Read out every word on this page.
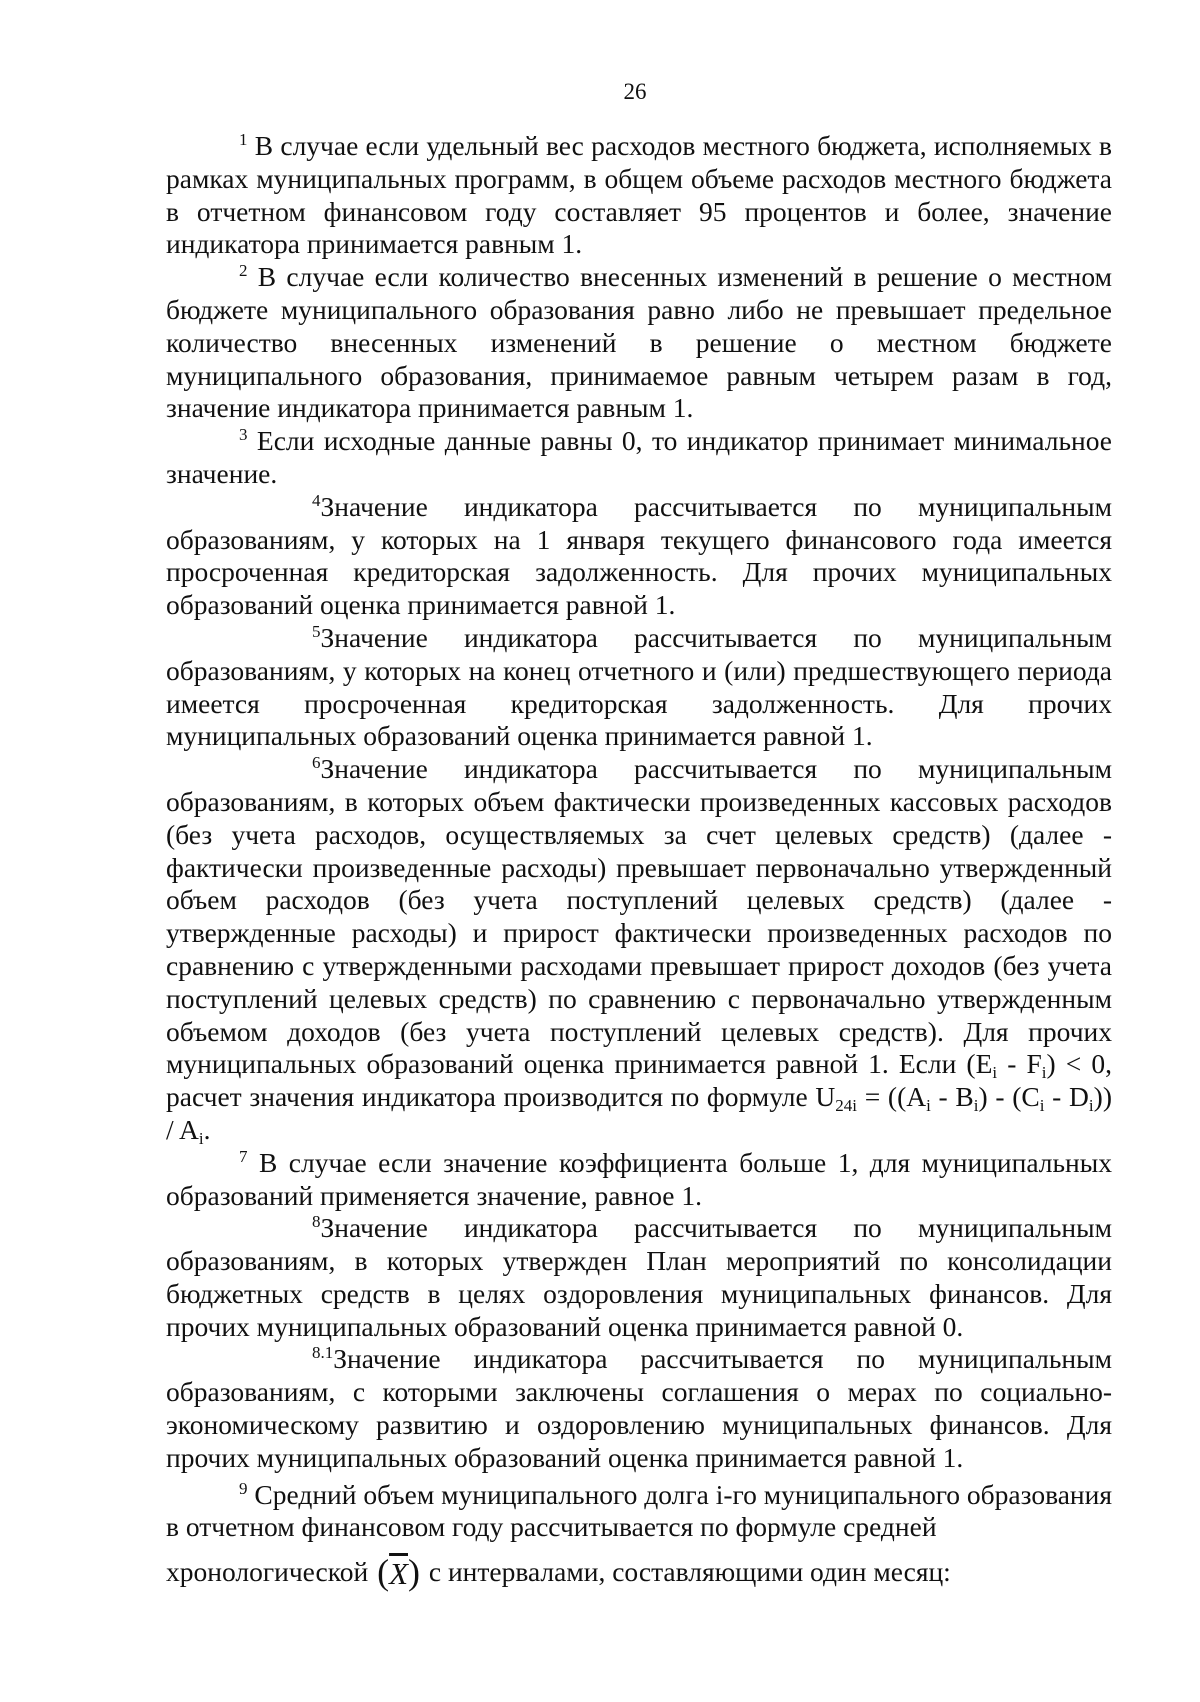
26

$^1$ В случае если удельный вес расходов местного бюджета, исполняемых в рамках муниципальных программ, в общем объеме расходов местного бюджета в отчетном финансовом году составляет 95 процентов и более, значение индикатора принимается равным 1.

$^2$ В случае если количество внесенных изменений в решение о местном бюджете муниципального образования равно либо не превышает предельное количество внесенных изменений в решение о местном бюджете муниципального образования, принимаемое равным четырем разам в год, значение индикатора принимается равным 1.

$^3$ Если исходные данные равны 0, то индикатор принимает минимальное значение.

$^4$Значение индикатора рассчитывается по муниципальным образованиям, у которых на 1 января текущего финансового года имеется просроченная кредиторская задолженность. Для прочих муниципальных образований оценка принимается равной 1.

$^5$Значение индикатора рассчитывается по муниципальным образованиям, у которых на конец отчетного и (или) предшествующего периода имеется просроченная кредиторская задолженность. Для прочих муниципальных образований оценка принимается равной 1.

$^6$Значение индикатора рассчитывается по муниципальным образованиям, в которых объем фактически произведенных кассовых расходов (без учета расходов, осуществляемых за счет целевых средств) (далее - фактически произведенные расходы) превышает первоначально утвержденный объем расходов (без учета поступлений целевых средств) (далее - утвержденные расходы) и прирост фактически произведенных расходов по сравнению с утвержденными расходами превышает прирост доходов (без учета поступлений целевых средств) по сравнению с первоначально утвержденным объемом доходов (без учета поступлений целевых средств). Для прочих муниципальных образований оценка принимается равной 1. Если $(E_i - F_i) < 0$, расчет значения индикатора производится по формуле $U_{24i} = ((A_i - B_i) - (C_i - D_i)) / A_i$.

$^7$ В случае если значение коэффициента больше 1, для муниципальных образований применяется значение, равное 1.

$^8$Значение индикатора рассчитывается по муниципальным образованиям, в которых утвержден План мероприятий по консолидации бюджетных средств в целях оздоровления муниципальных финансов. Для прочих муниципальных образований оценка принимается равной 0.

$^{8.1}$Значение индикатора рассчитывается по муниципальным образованиям, с которыми заключены соглашения о мерах по социально-экономическому развитию и оздоровлению муниципальных финансов. Для прочих муниципальных образований оценка принимается равной 1.

$^9$ Средний объем муниципального долга i-го муниципального образования в отчетном финансовом году рассчитывается по формуле средней

хронологической $(\overline{X})$ с интервалами, составляющими один месяц:
